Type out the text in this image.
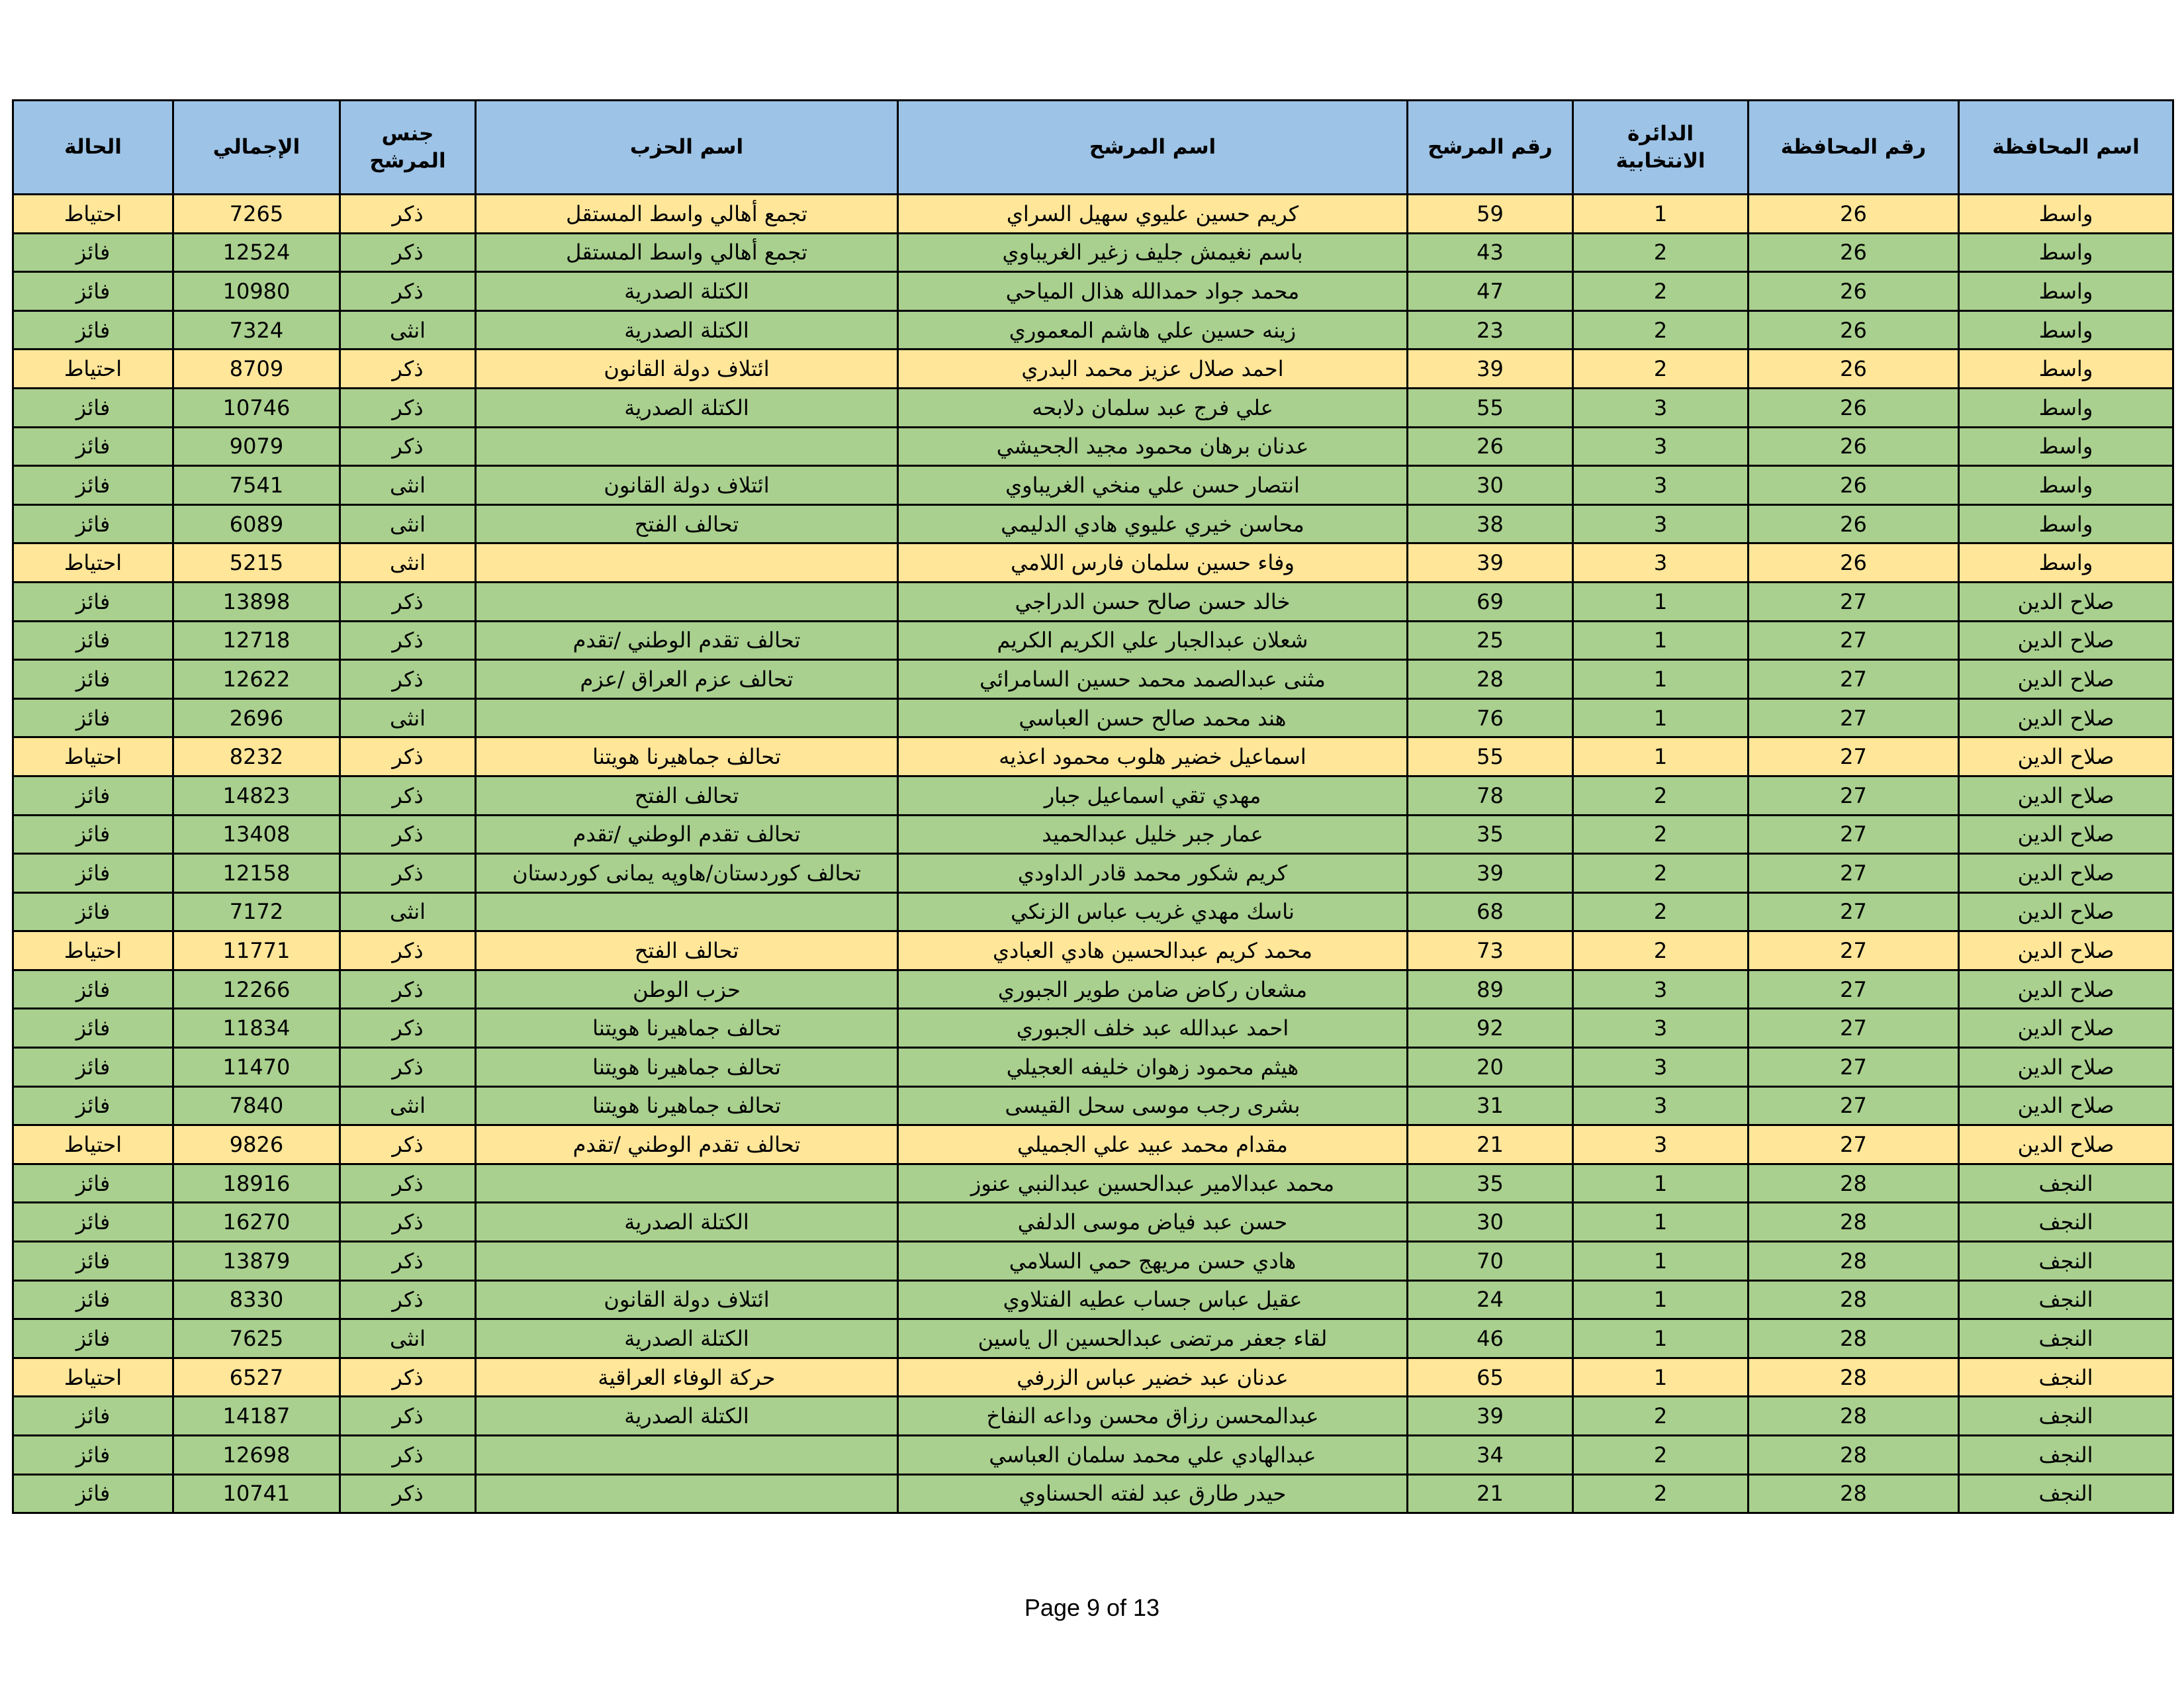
اسم المحافظة	رقم المحافظة	الدائرة الانتخابية	رقم المرشح	اسم المرشح	اسم الحزب	جنس المرشح	الإجمالي	الحالة
واسط	26	1	59	كريم حسين عليوي سهيل السراي	تجمع أهالي واسط المستقل	ذكر	7265	احتياط
واسط	26	2	43	باسم نغيمش جليف زغير الغريباوي	تجمع أهالي واسط المستقل	ذكر	12524	فائز
واسط	26	2	47	محمد جواد حمدالله هذال المياحي	الكتلة الصدرية	ذكر	10980	فائز
واسط	26	2	23	زينه حسين علي هاشم المعموري	الكتلة الصدرية	انثى	7324	فائز
واسط	26	2	39	احمد صلال عزيز محمد البدري	ائتلاف دولة القانون	ذكر	8709	احتياط
واسط	26	3	55	علي فرج عبد سلمان دلابحه	الكتلة الصدرية	ذكر	10746	فائز
واسط	26	3	26	عدنان برهان محمود مجيد الجحيشي		ذكر	9079	فائز
واسط	26	3	30	انتصار حسن علي منخي الغريباوي	ائتلاف دولة القانون	انثى	7541	فائز
واسط	26	3	38	محاسن خيري عليوي هادي الدليمي	تحالف الفتح	انثى	6089	فائز
واسط	26	3	39	وفاء حسين سلمان فارس اللامي		انثى	5215	احتياط
صلاح الدين	27	1	69	خالد حسن صالح حسن الدراجي		ذكر	13898	فائز
صلاح الدين	27	1	25	شعلان عبدالجبار علي الكريم الكريم	تحالف تقدم الوطني /تقدم	ذكر	12718	فائز
صلاح الدين	27	1	28	مثنى عبدالصمد محمد حسين السامرائي	تحالف عزم العراق /عزم	ذكر	12622	فائز
صلاح الدين	27	1	76	هند محمد صالح حسن العباسي		انثى	2696	فائز
صلاح الدين	27	1	55	اسماعيل خضير هلوب محمود اعذيه	تحالف جماهيرنا هويتنا	ذكر	8232	احتياط
صلاح الدين	27	2	78	مهدي تقي اسماعيل جبار	تحالف الفتح	ذكر	14823	فائز
صلاح الدين	27	2	35	عمار جبر خليل عبدالحميد	تحالف تقدم الوطني /تقدم	ذكر	13408	فائز
صلاح الدين	27	2	39	كريم شكور محمد قادر الداودي	تحالف كوردستان/هاوپه يمانى كوردستان	ذكر	12158	فائز
صلاح الدين	27	2	68	ناسك مهدي غريب عباس الزنكي		انثى	7172	فائز
صلاح الدين	27	2	73	محمد كريم عبدالحسين هادي العبادي	تحالف الفتح	ذكر	11771	احتياط
صلاح الدين	27	3	89	مشعان ركاض ضامن طوير الجبوري	حزب الوطن	ذكر	12266	فائز
صلاح الدين	27	3	92	احمد عبدالله عبد خلف الجبوري	تحالف جماهيرنا هويتنا	ذكر	11834	فائز
صلاح الدين	27	3	20	هيثم محمود زهوان خليفه العجيلي	تحالف جماهيرنا هويتنا	ذكر	11470	فائز
صلاح الدين	27	3	31	بشرى رجب موسى سحل القيسى	تحالف جماهيرنا هويتنا	انثى	7840	فائز
صلاح الدين	27	3	21	مقدام محمد عبيد علي الجميلي	تحالف تقدم الوطني /تقدم	ذكر	9826	احتياط
النجف	28	1	35	محمد عبدالامير عبدالحسين عبدالنبي عنوز		ذكر	18916	فائز
النجف	28	1	30	حسن عبد فياض موسى الدلفي	الكتلة الصدرية	ذكر	16270	فائز
النجف	28	1	70	هادي حسن مريهج حمي السلامي		ذكر	13879	فائز
النجف	28	1	24	عقيل عباس جساب عطيه الفتلاوي	ائتلاف دولة القانون	ذكر	8330	فائز
النجف	28	1	46	لقاء جعفر مرتضى عبدالحسين ال ياسين	الكتلة الصدرية	انثى	7625	فائز
النجف	28	1	65	عدنان عبد خضير عباس الزرفي	حركة الوفاء العراقية	ذكر	6527	احتياط
النجف	28	2	39	عبدالمحسن رزاق محسن وداعه النفاخ	الكتلة الصدرية	ذكر	14187	فائز
النجف	28	2	34	عبدالهادي علي محمد سلمان العباسي		ذكر	12698	فائز
النجف	28	2	21	حيدر طارق عبد لفته الحسناوي		ذكر	10741	فائز
Page 9 of 13
